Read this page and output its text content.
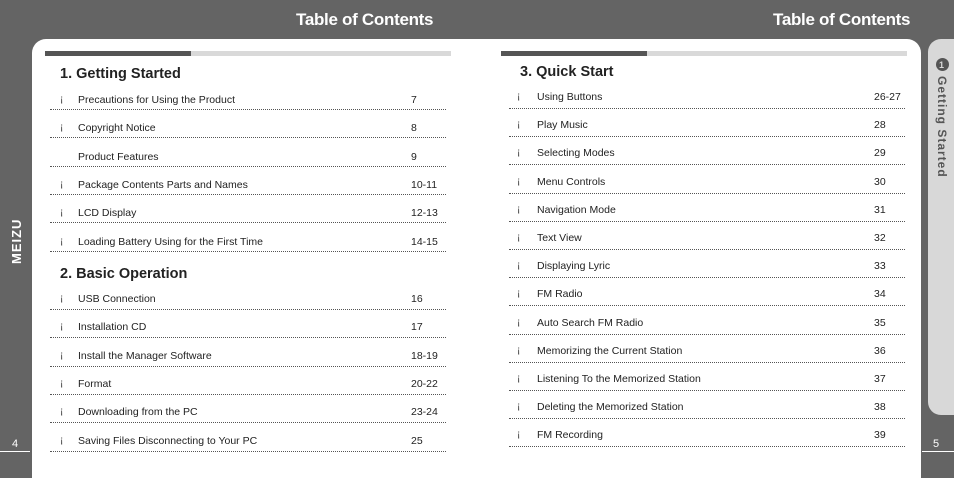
Table of Contents	Table of Contents
1
Getting Started
MEIZU
4	5
1. Getting Started
¡ Precautions for Using the Product	7
¡ Copyright Notice	8
Product Features	9
¡ Package Contents Parts and Names	10-11
¡ LCD Display	12-13
¡ Loading Battery Using for the First Time	14-15
2. Basic Operation
¡ USB Connection	16
¡ Installation CD	17
¡ Install the Manager Software	18-19
¡ Format	20-22
¡ Downloading from the PC	23-24
¡ Saving Files Disconnecting to Your PC	25
3. Quick Start
¡ Using Buttons	26-27
¡ Play Music	28
¡ Selecting Modes	29
¡ Menu Controls	30
¡ Navigation Mode	31
¡ Text View	32
¡ Displaying Lyric	33
¡ FM Radio	34
¡ Auto Search FM Radio	35
¡ Memorizing the Current Station	36
¡ Listening To the Memorized Station	37
¡ Deleting the Memorized Station	38
¡ FM Recording	39
